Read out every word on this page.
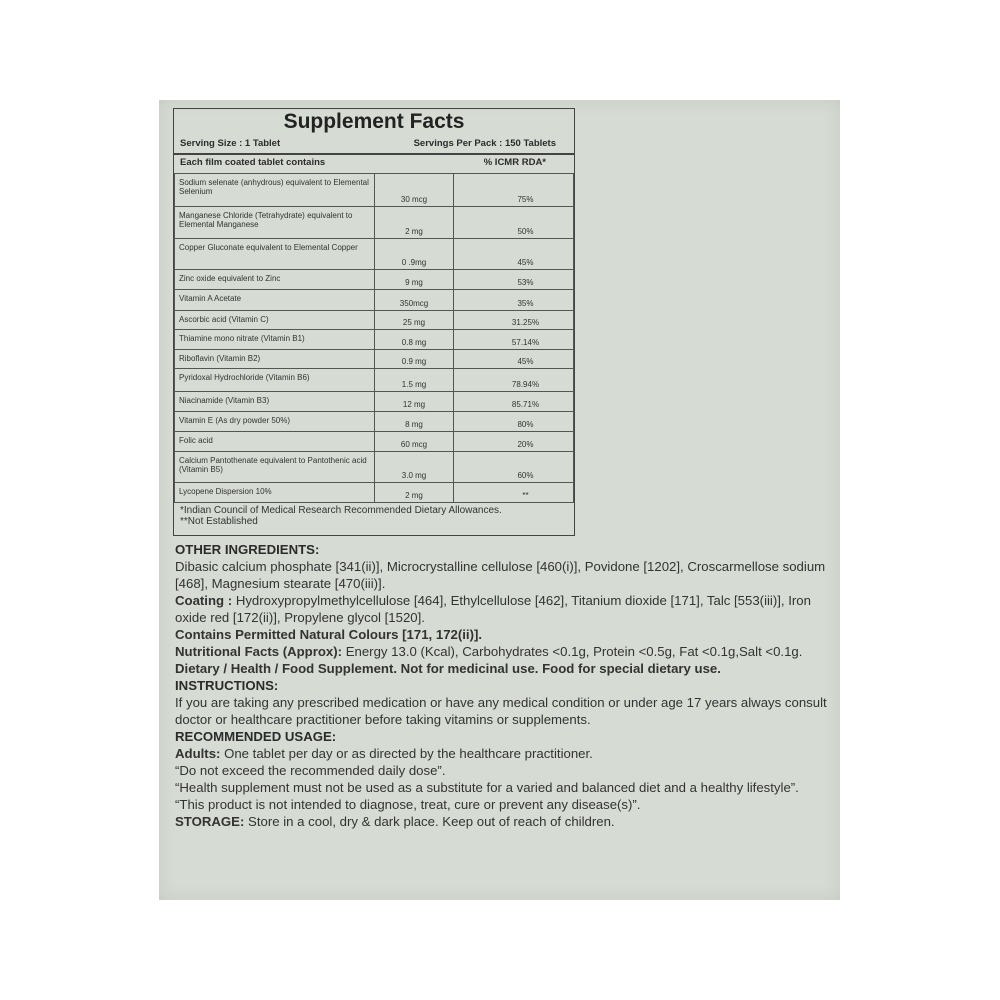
Supplement Facts
Serving Size : 1 Tablet	Servings Per Pack : 150 Tablets
Each film coated tablet contains	% ICMR RDA*
Sodium selenate (anhydrous) equivalent to Elemental Selenium	30 mcg	75%
Manganese Chloride (Tetrahydrate) equivalent to Elemental Manganese	2 mg	50%
Copper Gluconate equivalent to Elemental Copper	0 .9mg	45%
Zinc oxide equivalent to Zinc	9 mg	53%
Vitamin A Acetate	350mcg	35%
Ascorbic acid (Vitamin C)	25 mg	31.25%
Thiamine mono nitrate (Vitamin B1)	0.8 mg	57.14%
Riboflavin (Vitamin B2)	0.9 mg	45%
Pyridoxal Hydrochloride (Vitamin B6)	1.5 mg	78.94%
Niacinamide (Vitamin B3)	12 mg	85.71%
Vitamin E (As dry powder 50%)	8 mg	80%
Folic acid	60 mcg	20%
Calcium Pantothenate equivalent to Pantothenic acid (Vitamin B5)	3.0 mg	60%
Lycopene Dispersion 10%	2 mg	**
*Indian Council of Medical Research Recommended Dietary Allowances.
**Not Established

OTHER INGREDIENTS:

Dibasic calcium phosphate [341(ii)], Microcrystalline cellulose [460(i)], Povidone [1202], Croscarmellose sodium [468], Magnesium stearate [470(iii)].

Coating : Hydroxypropylmethylcellulose [464], Ethylcellulose [462], Titanium dioxide [171], Talc [553(iii)], Iron oxide red [172(ii)], Propylene glycol [1520].

Contains Permitted Natural Colours [171, 172(ii)].

Nutritional Facts (Approx): Energy 13.0 (Kcal), Carbohydrates <0.1g, Protein <0.5g, Fat <0.1g,Salt <0.1g.

Dietary / Health / Food Supplement. Not for medicinal use. Food for special dietary use.

INSTRUCTIONS:

If you are taking any prescribed medication or have any medical condition or under age 17 years always consult doctor or healthcare practitioner before taking vitamins or supplements.

RECOMMENDED USAGE:

Adults: One tablet per day or as directed by the healthcare practitioner.

“Do not exceed the recommended daily dose”.

“Health supplement must not be used as a substitute for a varied and balanced diet and a healthy lifestyle”.

“This product is not intended to diagnose, treat, cure or prevent any disease(s)”.

STORAGE: Store in a cool, dry & dark place. Keep out of reach of children.
